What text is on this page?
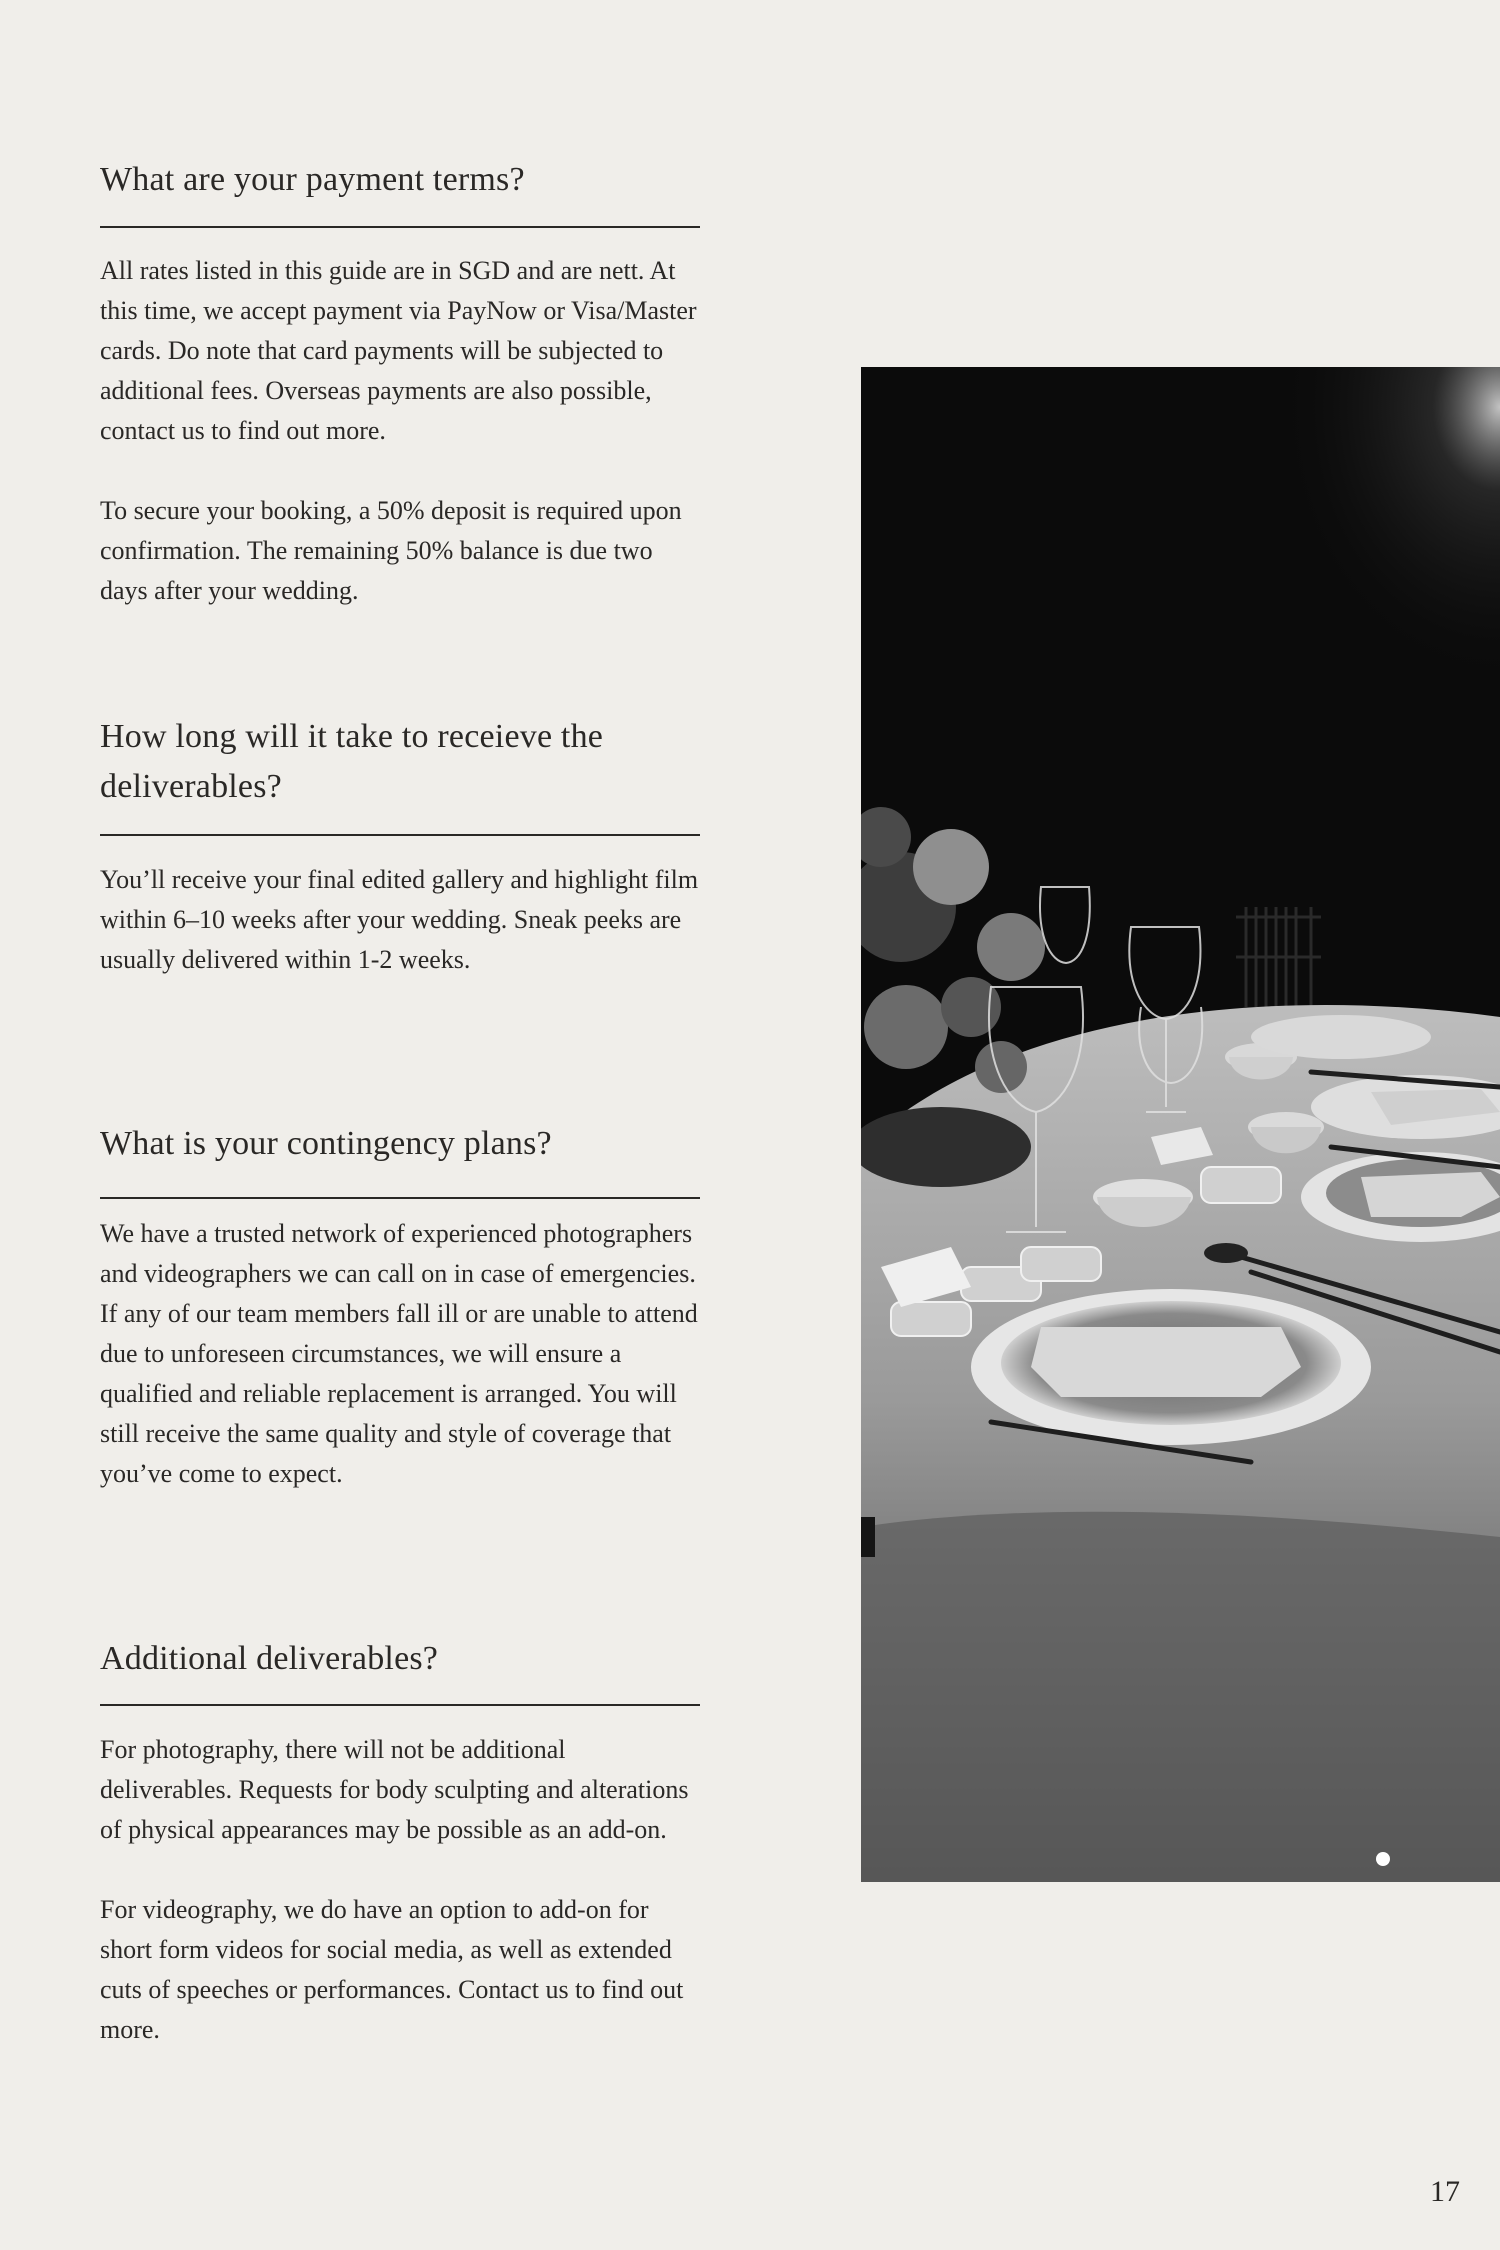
What are your payment terms?

All rates listed in this guide are in SGD and are nett. At this time, we accept payment via PayNow or Visa/Master cards. Do note that card payments will be subjected to additional fees. Overseas payments are also possible, contact us to find out more.

To secure your booking, a 50% deposit is required upon confirmation. The remaining 50% balance is due two days after your wedding.

How long will it take to receieve the deliverables?

You’ll receive your final edited gallery and highlight film within 6–10 weeks after your wedding. Sneak peeks are usually delivered within 1-2 weeks.

What is your contingency plans?

We have a trusted network of experienced photographers and videographers we can call on in case of emergencies. If any of our team members fall ill or are unable to attend due to unforeseen circumstances, we will ensure a qualified and reliable replacement is arranged. You will still receive the same quality and style of coverage that you’ve come to expect.

Additional deliverables?

For photography, there will not be additional deliverables. Requests for body sculpting and alterations of physical appearances may be possible as an add-on.

For videography, we do have an option to add-on for short form videos for social media, as well as extended cuts of speeches or performances. Contact us to find out more.

17
